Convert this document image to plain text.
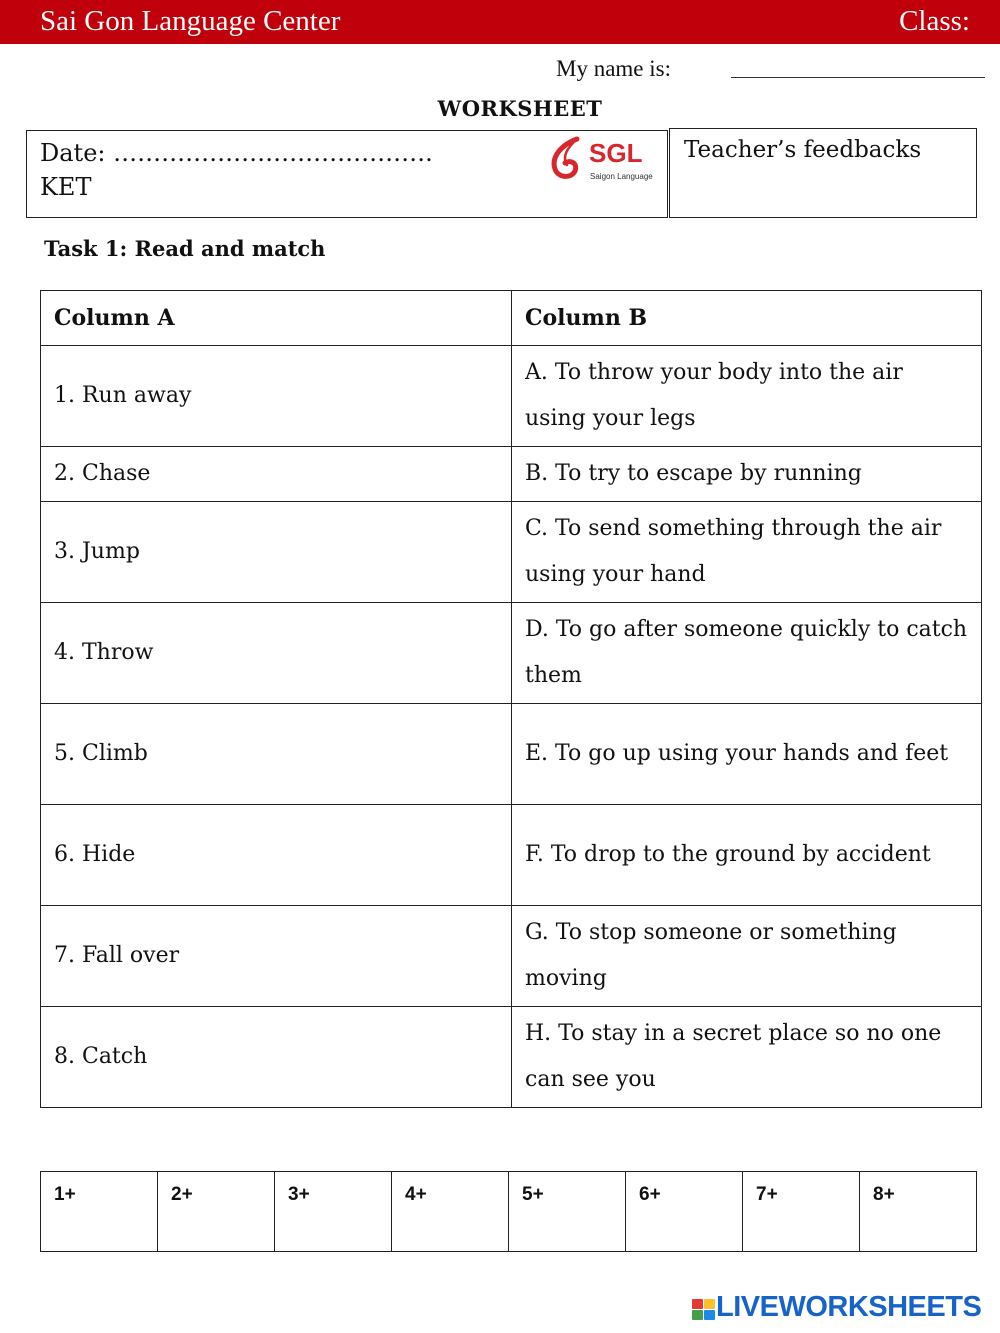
Sai Gon Language Center	Class:
My name is:
WORKSHEET
Date: ………………………………….
KET
SGL
Saigon Language
Teacher’s feedbacks
Task 1: Read and match
Column A	Column B
1. Run away	A. To throw your body into the air using your legs
2. Chase	B. To try to escape by running
3. Jump	C. To send something through the air using your hand
4. Throw	D. To go after someone quickly to catch them
5. Climb	E. To go up using your hands and feet
6. Hide	F. To drop to the ground by accident
7. Fall over	G. To stop someone or something moving
8. Catch	H. To stay in a secret place so no one can see you
1+	2+	3+	4+	5+	6+	7+	8+
LIVEWORKSHEETS
